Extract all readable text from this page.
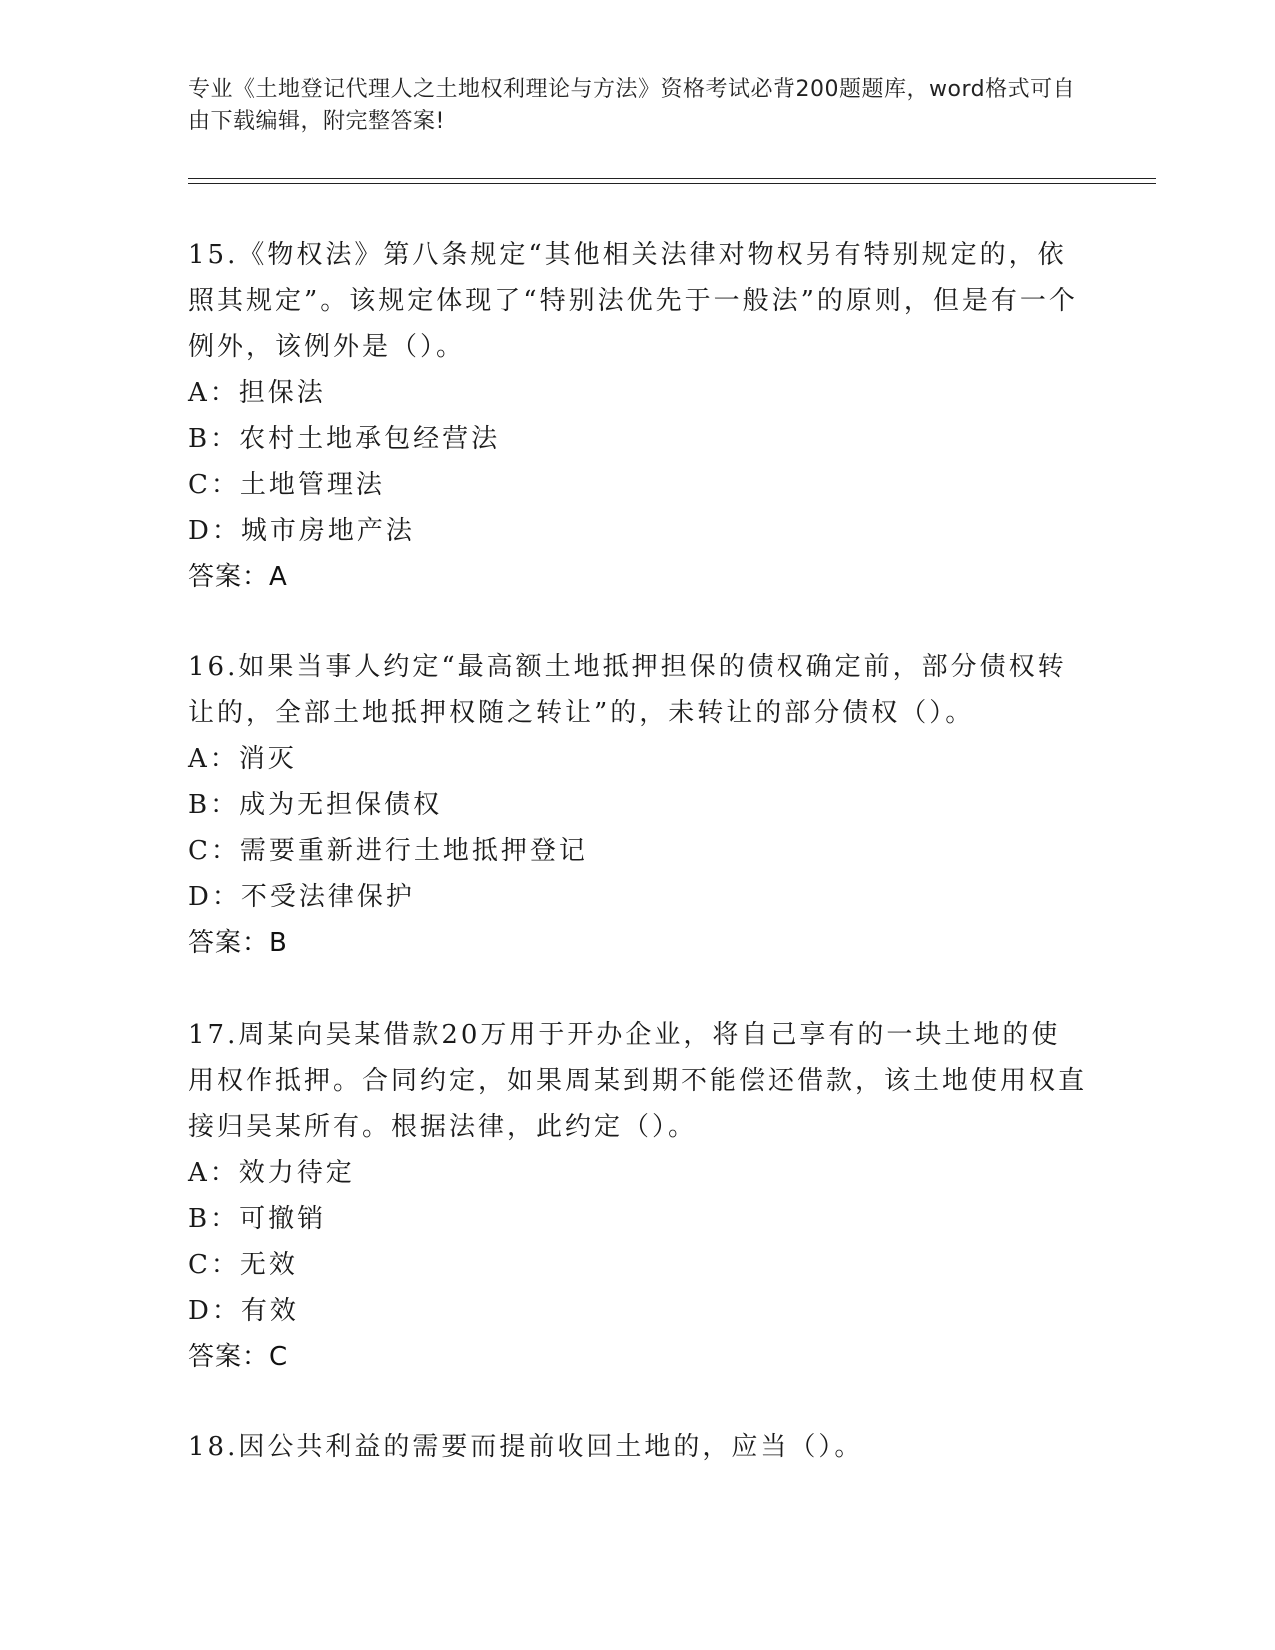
专业《土地登记代理人之土地权利理论与方法》资格考试必背200题题库，word格式可自由下载编辑，附完整答案!
15.《物权法》第八条规定“其他相关法律对物权另有特别规定的，依照其规定”。该规定体现了“特别法优先于一般法”的原则，但是有一个例外，该例外是（）。
A：担保法
B：农村土地承包经营法
C：土地管理法
D：城市房地产法
答案：A
16.如果当事人约定“最高额土地抵押担保的债权确定前，部分债权转让的，全部土地抵押权随之转让”的，未转让的部分债权（）。
A：消灭
B：成为无担保债权
C：需要重新进行土地抵押登记
D：不受法律保护
答案：B
17.周某向吴某借款20万用于开办企业，将自己享有的一块土地的使用权作抵押。合同约定，如果周某到期不能偿还借款，该土地使用权直接归吴某所有。根据法律，此约定（）。
A：效力待定
B：可撤销
C：无效
D：有效
答案：C
18.因公共利益的需要而提前收回土地的，应当（）。
